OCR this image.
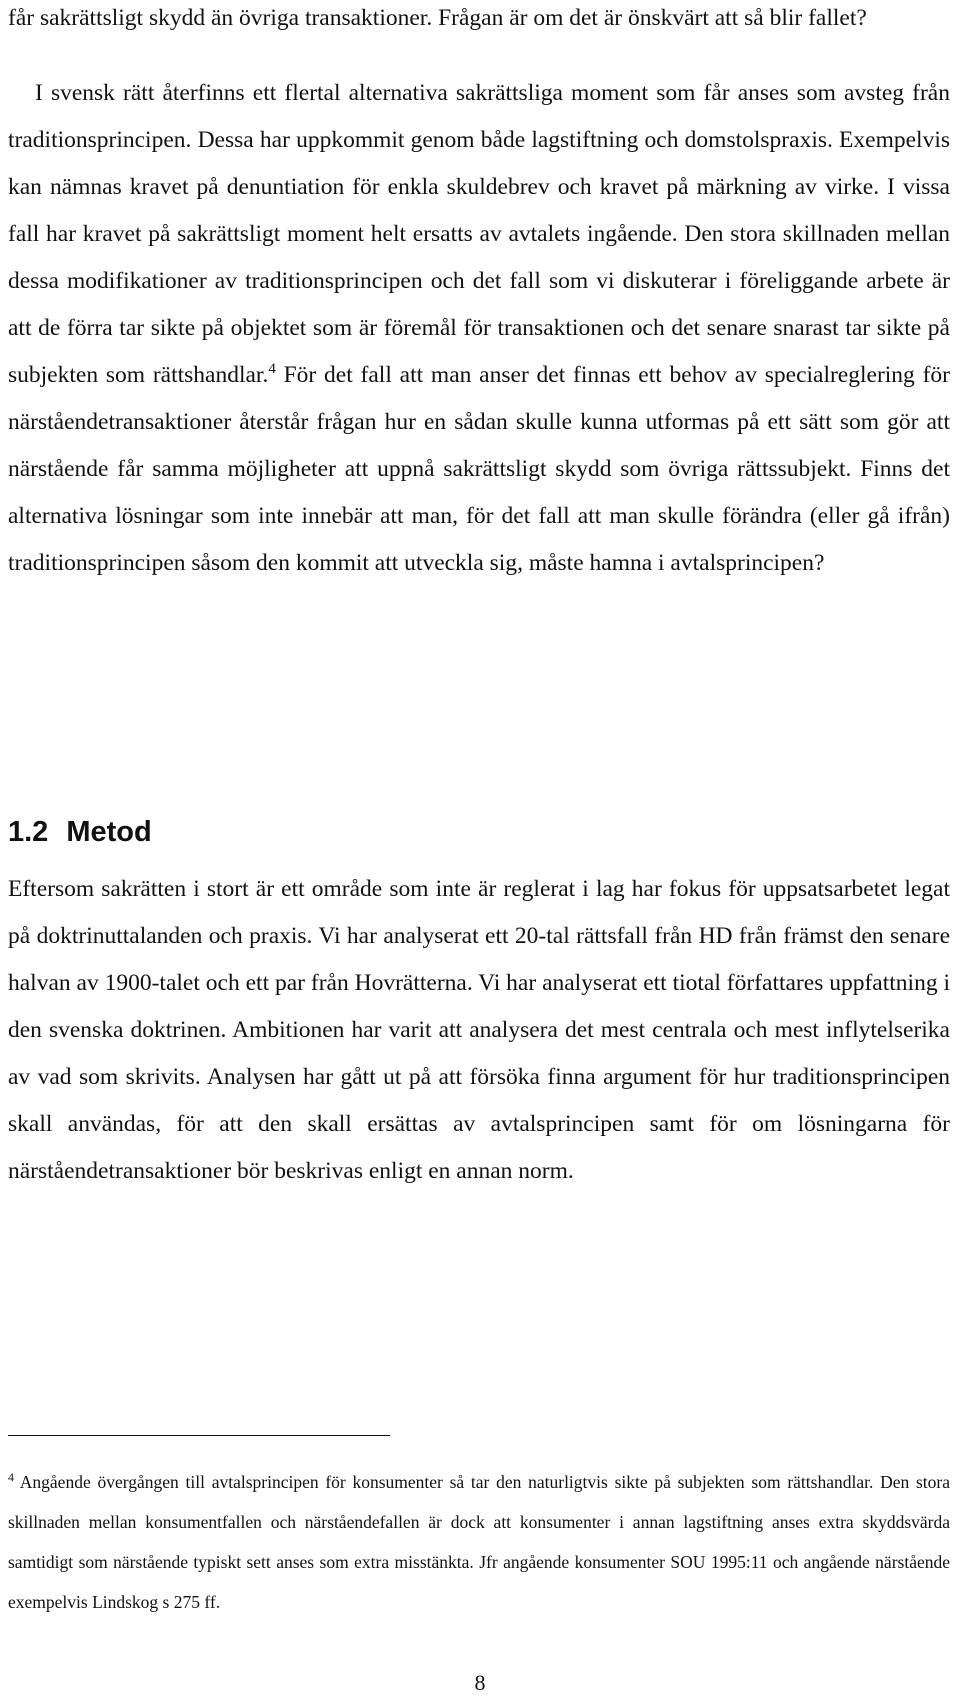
får sakrättsligt skydd än övriga transaktioner. Frågan är om det är önskvärt att så blir fallet?

I svensk rätt återfinns ett flertal alternativa sakrättsliga moment som får anses som avsteg från traditionsprincipen. Dessa har uppkommit genom både lagstiftning och domstolspraxis. Exempelvis kan nämnas kravet på denuntiation för enkla skuldebrev och kravet på märkning av virke. I vissa fall har kravet på sakrättsligt moment helt ersatts av avtalets ingående. Den stora skillnaden mellan dessa modifikationer av traditionsprincipen och det fall som vi diskuterar i föreliggande arbete är att de förra tar sikte på objektet som är föremål för transaktionen och det senare snarast tar sikte på subjekten som rättshandlar.$^4$ För det fall att man anser det finnas ett behov av specialreglering för närståendetransaktioner återstår frågan hur en sådan skulle kunna utformas på ett sätt som gör att närstående får samma möjligheter att uppnå sakrättsligt skydd som övriga rättssubjekt. Finns det alternativa lösningar som inte innebär att man, för det fall att man skulle förändra (eller gå ifrån) traditionsprincipen såsom den kommit att utveckla sig, måste hamna i avtalsprincipen?

1.2 Metod

Eftersom sakrätten i stort är ett område som inte är reglerat i lag har fokus för uppsatsarbetet legat på doktrinuttalanden och praxis. Vi har analyserat ett 20-tal rättsfall från HD från främst den senare halvan av 1900-talet och ett par från Hovrätterna. Vi har analyserat ett tiotal författares uppfattning i den svenska doktrinen. Ambitionen har varit att analysera det mest centrala och mest inflytelserika av vad som skrivits. Analysen har gått ut på att försöka finna argument för hur traditionsprincipen skall användas, för att den skall ersättas av avtalsprincipen samt för om lösningarna för närståendetransaktioner bör beskrivas enligt en annan norm.

$^4$ Angående övergången till avtalsprincipen för konsumenter så tar den naturligtvis sikte på subjekten som rättshandlar. Den stora skillnaden mellan konsumentfallen och närståendefallen är dock att konsumenter i annan lagstiftning anses extra skyddsvärda samtidigt som närstående typiskt sett anses som extra misstänkta. Jfr angående konsumenter SOU 1995:11 och angående närstående exempelvis Lindskog s 275 ff.

8
